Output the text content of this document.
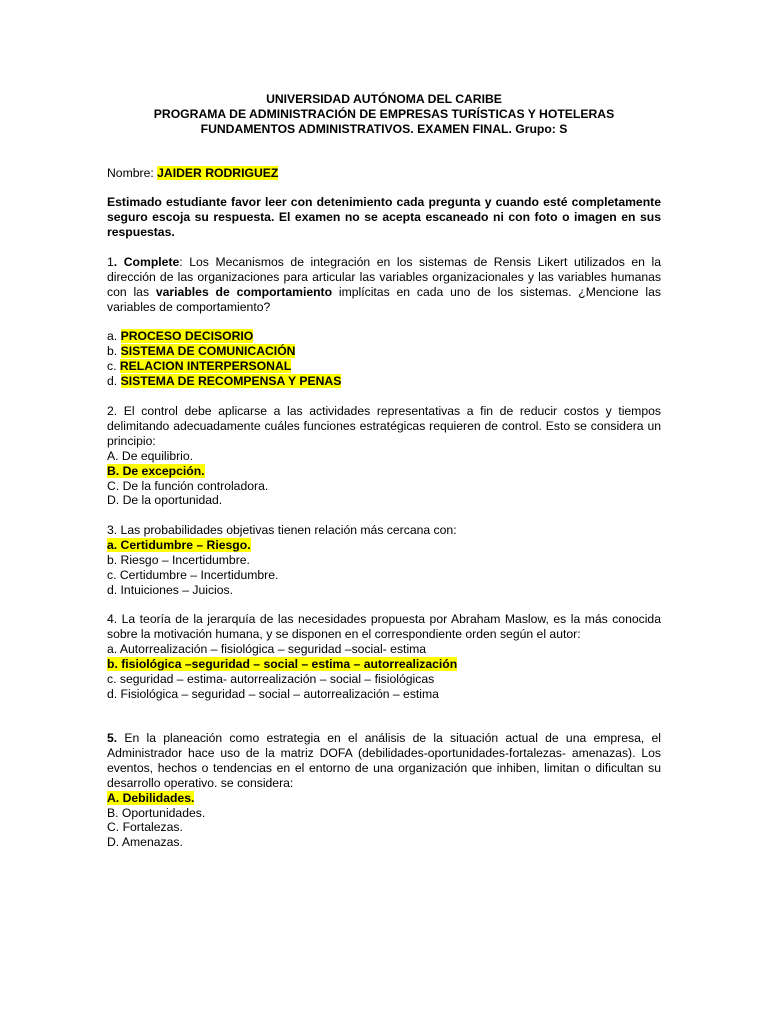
UNIVERSIDAD AUTÓNOMA DEL CARIBE
PROGRAMA DE ADMINISTRACIÓN DE EMPRESAS TURÍSTICAS Y HOTELERAS
FUNDAMENTOS ADMINISTRATIVOS. EXAMEN FINAL. Grupo: S
Nombre: JAIDER RODRIGUEZ
Estimado estudiante favor leer con detenimiento cada pregunta y cuando esté completamente seguro escoja su respuesta. El examen no se acepta escaneado ni con foto o imagen en sus respuestas.
1. Complete: Los Mecanismos de integración en los sistemas de Rensis Likert utilizados en la dirección de las organizaciones para articular las variables organizacionales y las variables humanas con las variables de comportamiento implícitas en cada uno de los sistemas. ¿Mencione las variables de comportamiento?
a. PROCESO DECISORIO
b. SISTEMA DE COMUNICACIÓN
c. RELACION INTERPERSONAL
d. SISTEMA DE RECOMPENSA Y PENAS
2. El control debe aplicarse a las actividades representativas a fin de reducir costos y tiempos delimitando adecuadamente cuáles funciones estratégicas requieren de control. Esto se considera un principio:
A. De equilibrio.
B. De excepción.
C. De la función controladora.
D. De la oportunidad.
3. Las probabilidades objetivas tienen relación más cercana con:
a. Certidumbre – Riesgo.
b. Riesgo – Incertidumbre.
c. Certidumbre – Incertidumbre.
d. Intuiciones – Juicios.
4. La teoría de la jerarquía de las necesidades propuesta por Abraham Maslow, es la más conocida sobre la motivación humana, y se disponen en el correspondiente orden según el autor:
a. Autorrealización – fisiológica – seguridad –social- estima
b. fisiológica –seguridad – social – estima – autorrealización
c. seguridad – estima- autorrealización – social – fisiológicas
d. Fisiológica – seguridad – social – autorrealización – estima
5. En la planeación como estrategia en el análisis de la situación actual de una empresa, el Administrador hace uso de la matriz DOFA (debilidades-oportunidades-fortalezas- amenazas). Los eventos, hechos o tendencias en el entorno de una organización que inhiben, limitan o dificultan su desarrollo operativo. se considera:
A. Debilidades.
B. Oportunidades.
C. Fortalezas.
D. Amenazas.
